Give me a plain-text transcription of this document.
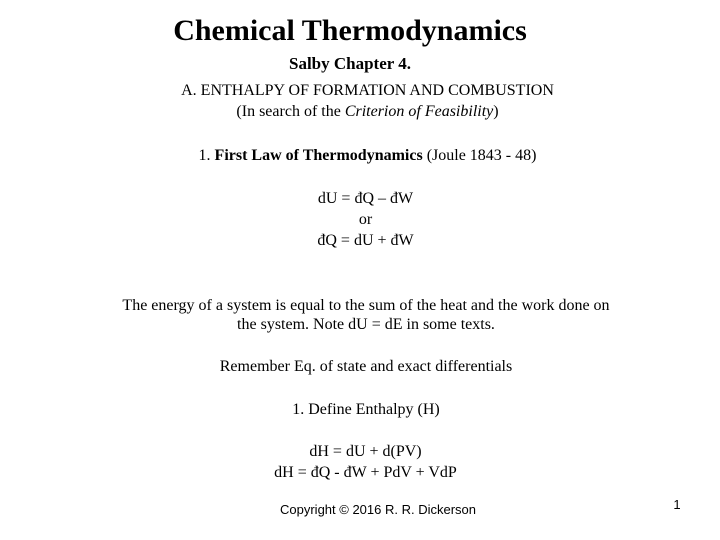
Chemical Thermodynamics
Salby Chapter 4.
A. ENTHALPY OF FORMATION AND COMBUSTION
(In search of the Criterion of Feasibility)
1. First Law of Thermodynamics (Joule 1843 - 48)
dU = đQ – đW
or
đQ = dU + đW
The energy of a system is equal to the sum of the heat and the work done on
the system. Note dU = dE in some texts.
Remember Eq. of state and exact differentials
1. Define Enthalpy (H)
dH = dU + d(PV)
dH = đQ - đW + PdV + VdP
Copyright © 2016 R. R. Dickerson	1
